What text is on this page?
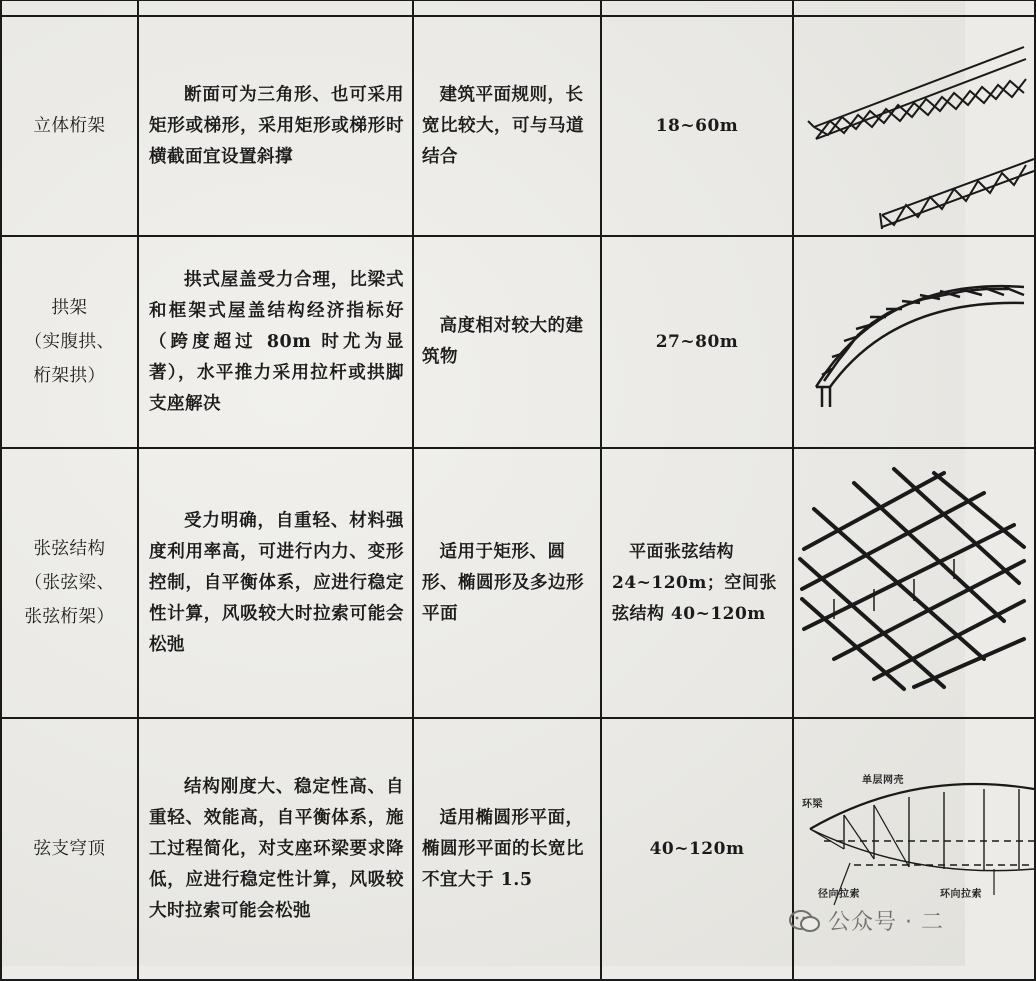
立体桁架	断面可为三角形、也可采用矩形或梯形，采用矩形或梯形时横截面宜设置斜撑	建筑平面规则，长宽比较大，可与马道结合	18~60m

拱架
（实腹拱、
桁架拱）	拱式屋盖受力合理，比梁式和框架式屋盖结构经济指标好（跨度超过 80m 时尤为显著），水平推力采用拉杆或拱脚支座解决	高度相对较大的建筑物	27~80m

张弦结构
（张弦梁、
张弦桁架）	受力明确，自重轻、材料强度利用率高，可进行内力、变形控制，自平衡体系，应进行稳定性计算，风吸较大时拉索可能会松弛	适用于矩形、圆形、椭圆形及多边形平面	平面张弦结构 24~120m；空间张弦结构 40~120m

弦支穹顶	结构刚度大、稳定性高、自重轻、效能高，自平衡体系，施工过程简化，对支座环梁要求降低，应进行稳定性计算，风吸较大时拉索可能会松弛	适用椭圆形平面，椭圆形平面的长宽比不宜大于 1.5	40~120m	单层网壳
环梁
径向拉索 环向拉索
公众号 · 二
